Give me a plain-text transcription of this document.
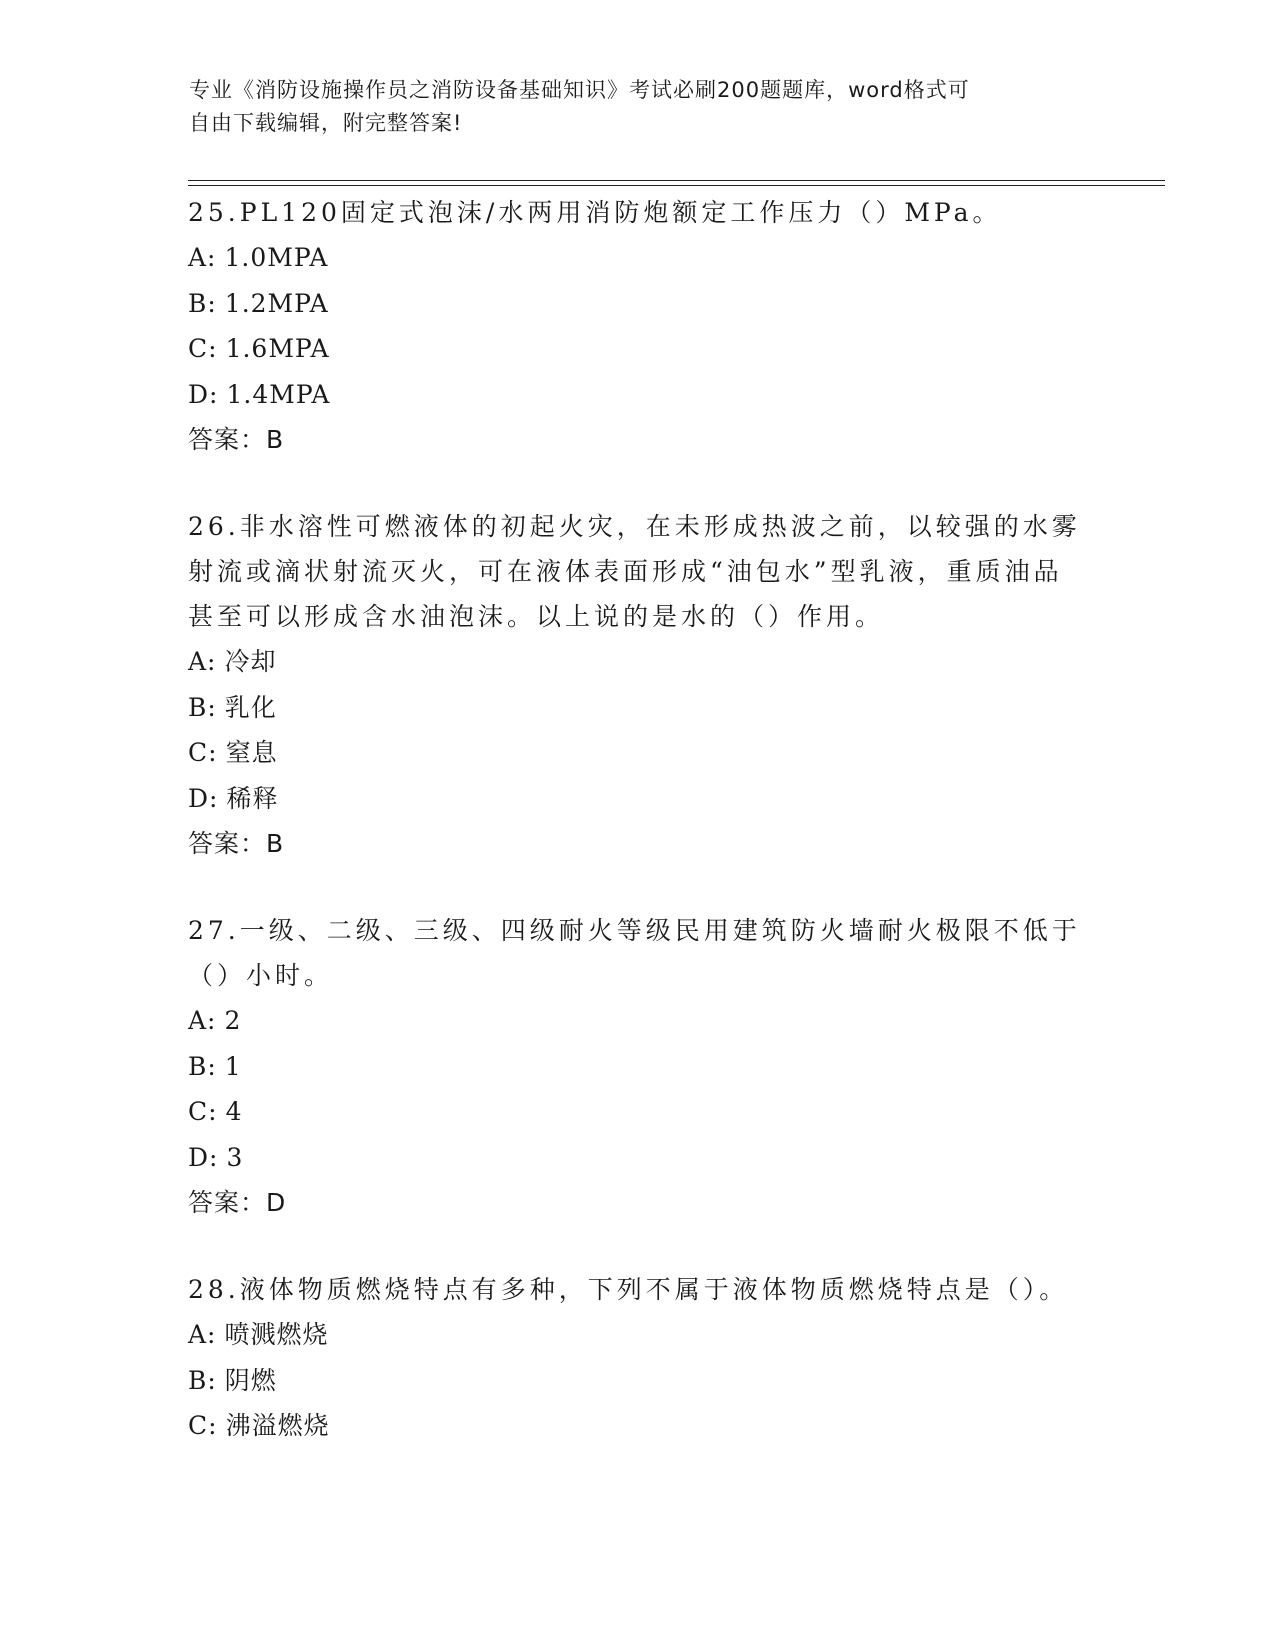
专业《消防设施操作员之消防设备基础知识》考试必刷200题题库，word格式可
自由下载编辑，附完整答案!

25.PL120固定式泡沫/水两用消防炮额定工作压力（）MPa。

A: 1.0MPA

B: 1.2MPA

C: 1.6MPA

D: 1.4MPA

答案：B

26.非水溶性可燃液体的初起火灾，在未形成热波之前，以较强的水雾射流或滴状射流灭火，可在液体表面形成“油包水”型乳液，重质油品甚至可以形成含水油泡沫。以上说的是水的（）作用。

A: 冷却

B: 乳化

C: 窒息

D: 稀释

答案：B

27.一级、二级、三级、四级耐火等级民用建筑防火墙耐火极限不低于（）小时。

A: 2

B: 1

C: 4

D: 3

答案：D

28.液体物质燃烧特点有多种，下列不属于液体物质燃烧特点是（）。

A: 喷溅燃烧

B: 阴燃

C: 沸溢燃烧
